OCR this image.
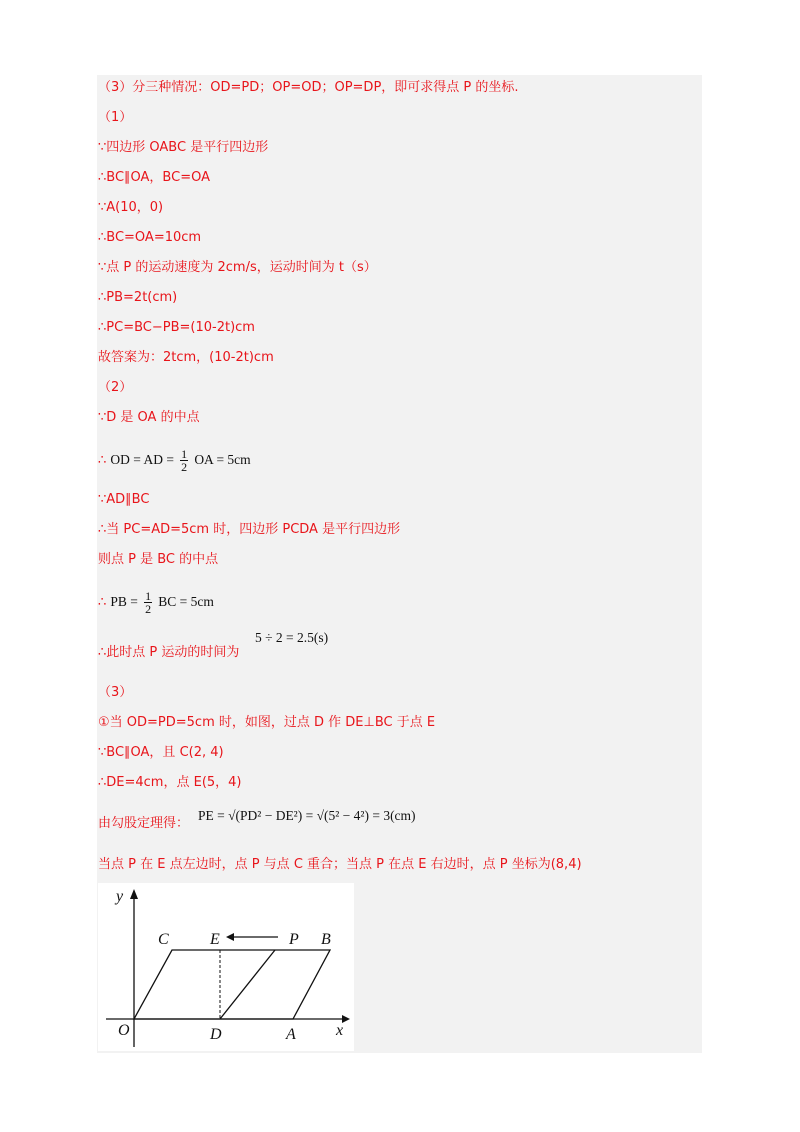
（3）分三种情况：OD=PD；OP=OD；OP=DP，即可求得点 P 的坐标.
（1）
∵四边形 OABC 是平行四边形
∴BC∥OA，BC=OA
∵A(10，0)
∴BC=OA=10cm
∵点 P 的运动速度为 2cm/s，运动时间为 t（s）
∴PB=2t(cm)
∴PC=BC−PB=(10-2t)cm
故答案为：2tcm，(10-2t)cm
（2）
∵D 是 OA 的中点
∴ OD = AD = $\frac{1}{2}$ OA = 5cm
∵AD∥BC
∴当 PC=AD=5cm 时，四边形 PCDA 是平行四边形
则点 P 是 BC 的中点
∴ PB = $\frac{1}{2}$ BC = 5cm
∴此时点 P 运动的时间为
5 ÷ 2 = 2.5(s)
（3）
①当 OD=PD=5cm 时，如图，过点 D 作 DE⊥BC 于点 E
∵BC∥OA，且 C(2, 4)
∴DE=4cm，点 E(5，4)
由勾股定理得：
PE = √(PD² − DE²) = √(5² − 4²) = 3(cm)
当点 P 在 E 点左边时，点 P 与点 C 重合；当点 P 在点 E 右边时，点 P 坐标为(8,4)
y
x
O
C	E	P B
D	A
